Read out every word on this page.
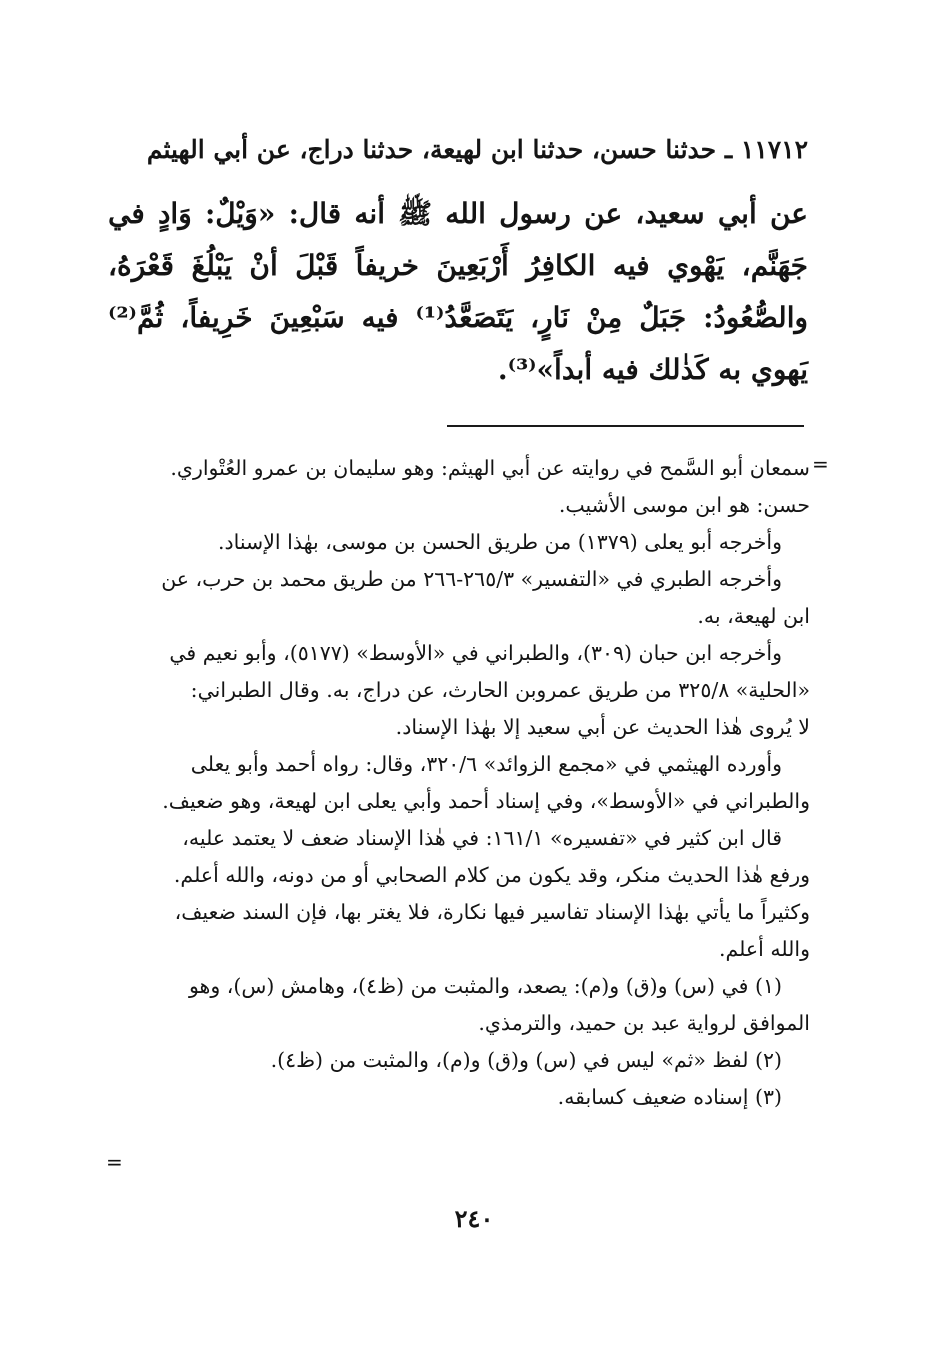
١١٧١٢ ـ حدثنا حسن، حدثنا ابن لهيعة، حدثنا دراج، عن أبي الهيثم
عن أبي سعيد، عن رسول الله ﷺ أنه قال: «وَيْلٌ: وَادٍ في جَهَنَّم، يَهْوي فيه الكافِرُ أَرْبَعِينَ خريفاً قَبْلَ أنْ يَبْلُغَ قَعْرَهُ، والصُّعُودُ: جَبَلٌ مِنْ نَارٍ، يَتَصَعَّدُ⁽¹⁾ فيه سَبْعِينَ خَرِيفاً، ثُمَّ⁽²⁾ يَهوي به كَذٰلك فيه أبداً»⁽³⁾.
=
سمعان أبو السَّمح في روايته عن أبي الهيثم: وهو سليمان بن عمرو العُتْواري.
حسن: هو ابن موسى الأشيب.
وأخرجه أبو يعلى (١٣٧٩) من طريق الحسن بن موسى، بهٰذا الإسناد.
وأخرجه الطبري في «التفسير» ٢٦٥/٣-٢٦٦ من طريق محمد بن حرب، عن
ابن لهيعة، به.
وأخرجه ابن حبان (٣٠٩)، والطبراني في «الأوسط» (٥١٧٧)، وأبو نعيم في
«الحلية» ٣٢٥/٨ من طريق عمروبن الحارث، عن دراج، به. وقال الطبراني:
لا يُروى هٰذا الحديث عن أبي سعيد إلا بهٰذا الإسناد.
وأورده الهيثمي في «مجمع الزوائد» ٣٢٠/٦، وقال: رواه أحمد وأبو يعلى
والطبراني في «الأوسط»، وفي إسناد أحمد وأبي يعلى ابن لهيعة، وهو ضعيف.
قال ابن كثير في «تفسيره» ١٦١/١: في هٰذا الإسناد ضعف لا يعتمد عليه،
ورفع هٰذا الحديث منكر، وقد يكون من كلام الصحابي أو من دونه، والله أعلم.
وكثيراً ما يأتي بهٰذا الإسناد تفاسير فيها نكارة، فلا يغتر بها، فإن السند ضعيف،
والله أعلم.
(١) في (س) و(ق) و(م): يصعد، والمثبت من (ظ٤)، وهامش (س)، وهو
الموافق لرواية عبد بن حميد، والترمذي.
(٢) لفظ «ثم» ليس في (س) و(ق) و(م)، والمثبت من (ظ٤).
(٣) إسناده ضعيف كسابقه.
=
٢٤٠
